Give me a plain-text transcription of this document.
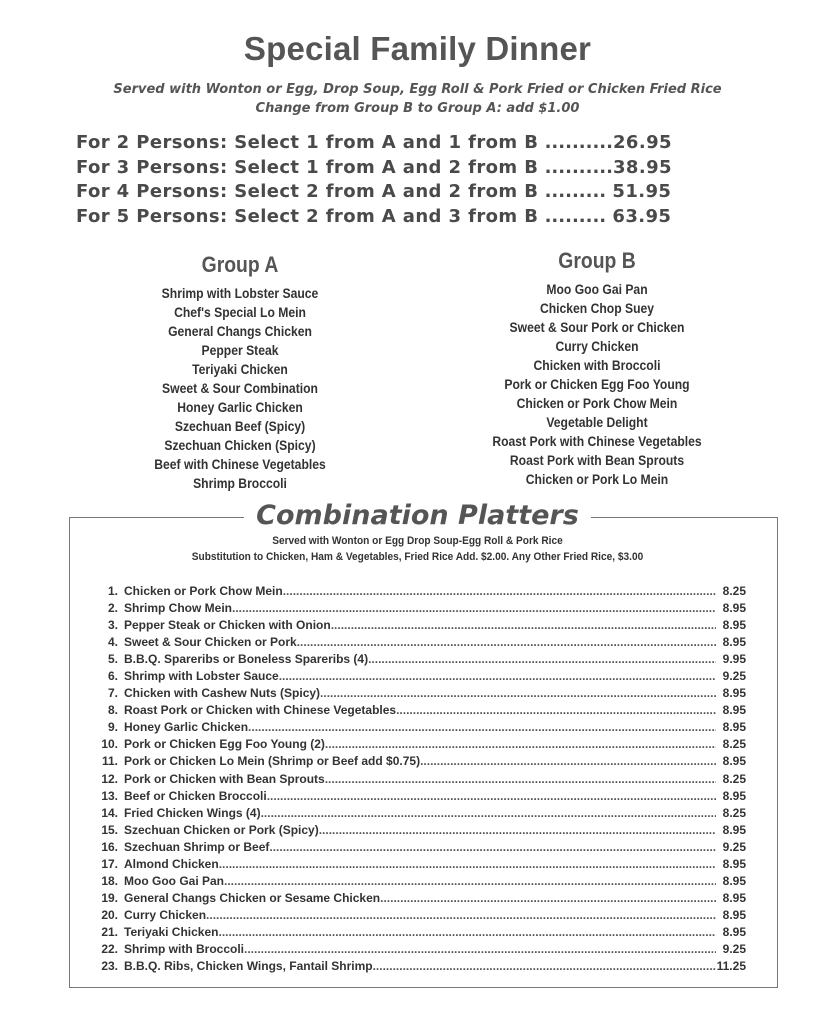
Special Family Dinner
Served with Wonton or Egg, Drop Soup, Egg Roll & Pork Fried or Chicken Fried Rice
Change from Group B to Group A: add $1.00
For 2 Persons: Select 1 from A and 1 from B ..........26.95
For 3 Persons: Select 1 from A and 2 from B ..........38.95
For 4 Persons: Select 2 from A and 2 from B ......... 51.95
For 5 Persons: Select 2 from A and 3 from B ......... 63.95
Group A
Shrimp with Lobster Sauce
Chef's Special Lo Mein
General Changs Chicken
Pepper Steak
Teriyaki Chicken
Sweet & Sour Combination
Honey Garlic Chicken
Szechuan Beef (Spicy)
Szechuan Chicken (Spicy)
Beef with Chinese Vegetables
Shrimp Broccoli
Group B
Moo Goo Gai Pan
Chicken Chop Suey
Sweet & Sour Pork or Chicken
Curry Chicken
Chicken with Broccoli
Pork or Chicken Egg Foo Young
Chicken or Pork Chow Mein
Vegetable Delight
Roast Pork with Chinese Vegetables
Roast Pork with Bean Sprouts
Chicken or Pork Lo Mein
Combination Platters
Served with Wonton or Egg Drop Soup-Egg Roll & Pork Rice
Substitution to Chicken, Ham & Vegetables, Fried Rice Add. $2.00. Any Other Fried Rice, $3.00
1. Chicken or Pork Chow Mein .....	8.25
2. Shrimp Chow Mein .....	8.95
3. Pepper Steak or Chicken with Onion .....	8.95
4. Sweet & Sour Chicken or Pork .....	8.95
5. B.B.Q. Spareribs or Boneless Spareribs (4) .....	9.95
6. Shrimp with Lobster Sauce .....	9.25
7. Chicken with Cashew Nuts (Spicy) .....	8.95
8. Roast Pork or Chicken with Chinese Vegetables .....	8.95
9. Honey Garlic Chicken .....	8.95
10. Pork or Chicken Egg Foo Young (2) .....	8.25
11. Pork or Chicken Lo Mein (Shrimp or Beef add $0.75) .....	8.95
12. Pork or Chicken with Bean Sprouts .....	8.25
13. Beef or Chicken Broccoli .....	8.95
14. Fried Chicken Wings (4) .....	8.25
15. Szechuan Chicken or Pork (Spicy) .....	8.95
16. Szechuan Shrimp or Beef .....	9.25
17. Almond Chicken .....	8.95
18. Moo Goo Gai Pan .....	8.95
19. General Changs Chicken or Sesame Chicken .....	8.95
20. Curry Chicken .....	8.95
21. Teriyaki Chicken .....	8.95
22. Shrimp with Broccoli .....	9.25
23. B.B.Q. Ribs, Chicken Wings, Fantail Shrimp .....	11.25
